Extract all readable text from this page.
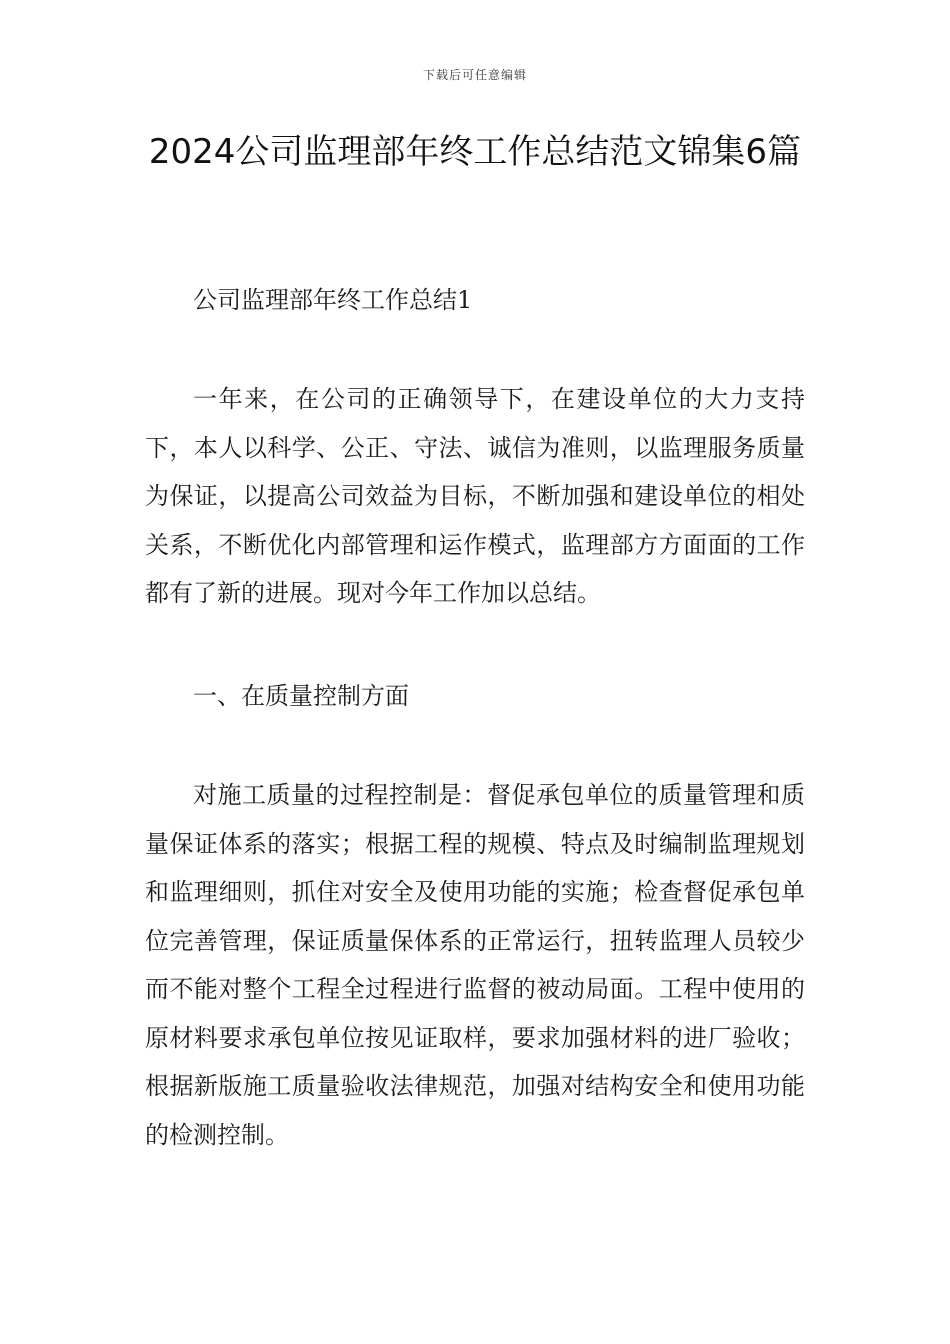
下载后可任意编辑
2024公司监理部年终工作总结范文锦集6篇

公司监理部年终工作总结1

一年来，在公司的正确领导下，在建设单位的大力支持下，本人以科学、公正、守法、诚信为准则，以监理服务质量为保证，以提高公司效益为目标，不断加强和建设单位的相处关系，不断优化内部管理和运作模式，监理部方方面面的工作都有了新的进展。现对今年工作加以总结。

一、在质量控制方面

对施工质量的过程控制是：督促承包单位的质量管理和质量保证体系的落实；根据工程的规模、特点及时编制监理规划和监理细则，抓住对安全及使用功能的实施；检查督促承包单位完善管理，保证质量保体系的正常运行，扭转监理人员较少而不能对整个工程全过程进行监督的被动局面。工程中使用的原材料要求承包单位按见证取样，要求加强材料的进厂验收；根据新版施工质量验收法律规范，加强对结构安全和使用功能的检测控制。
